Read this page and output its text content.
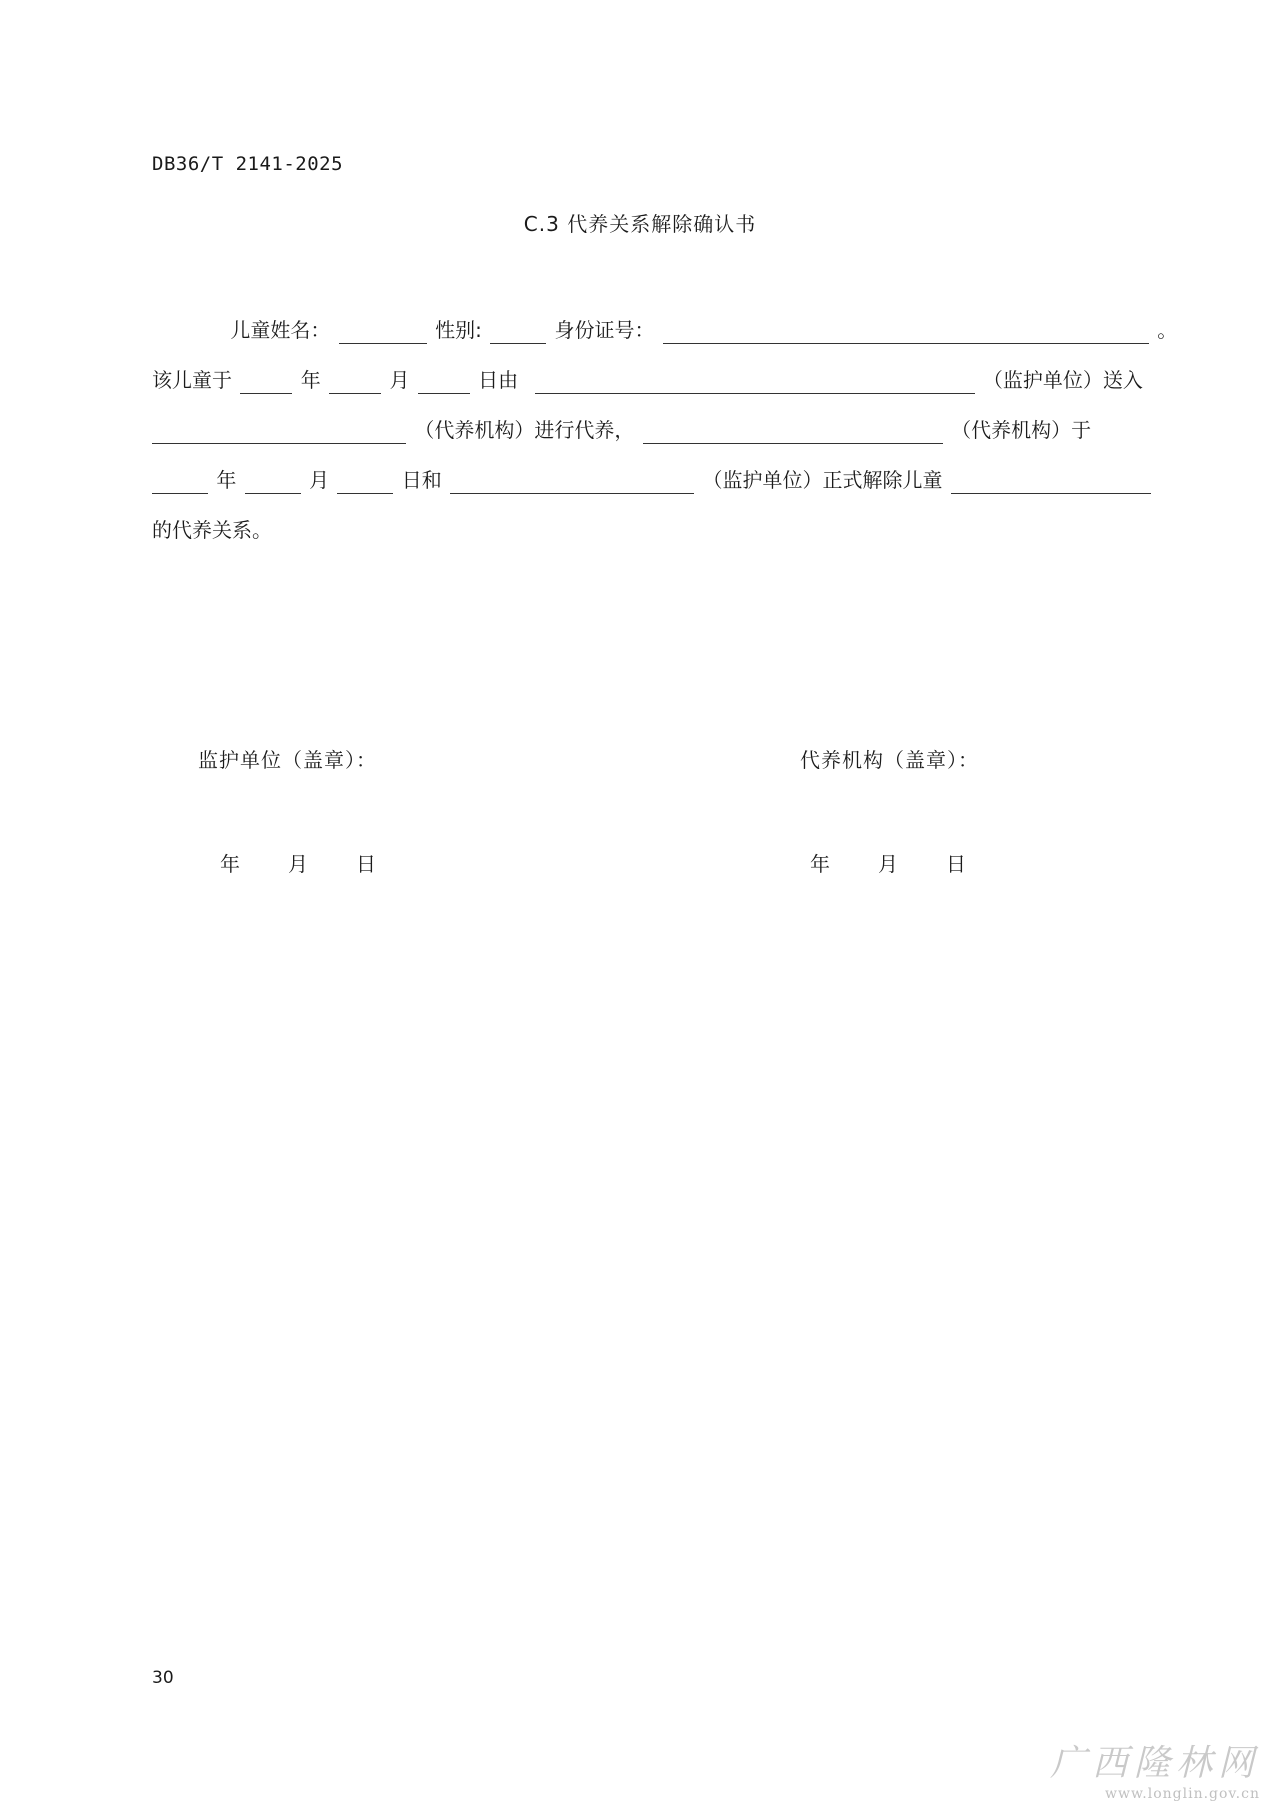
DB36/T 2141-2025
C.3 代养关系解除确认书
儿童姓名：	性别:	身份证号：	。
该儿童于	年	月	日由	（监护单位）送入
（代养机构）进行代养，	（代养机构）于
年	月	日和	（监护单位）正式解除儿童
的代养关系。
监护单位（盖章）：	代养机构（盖章）：
年	月	日	年	月	日
30
广西隆林网
www.longlin.gov.cn
